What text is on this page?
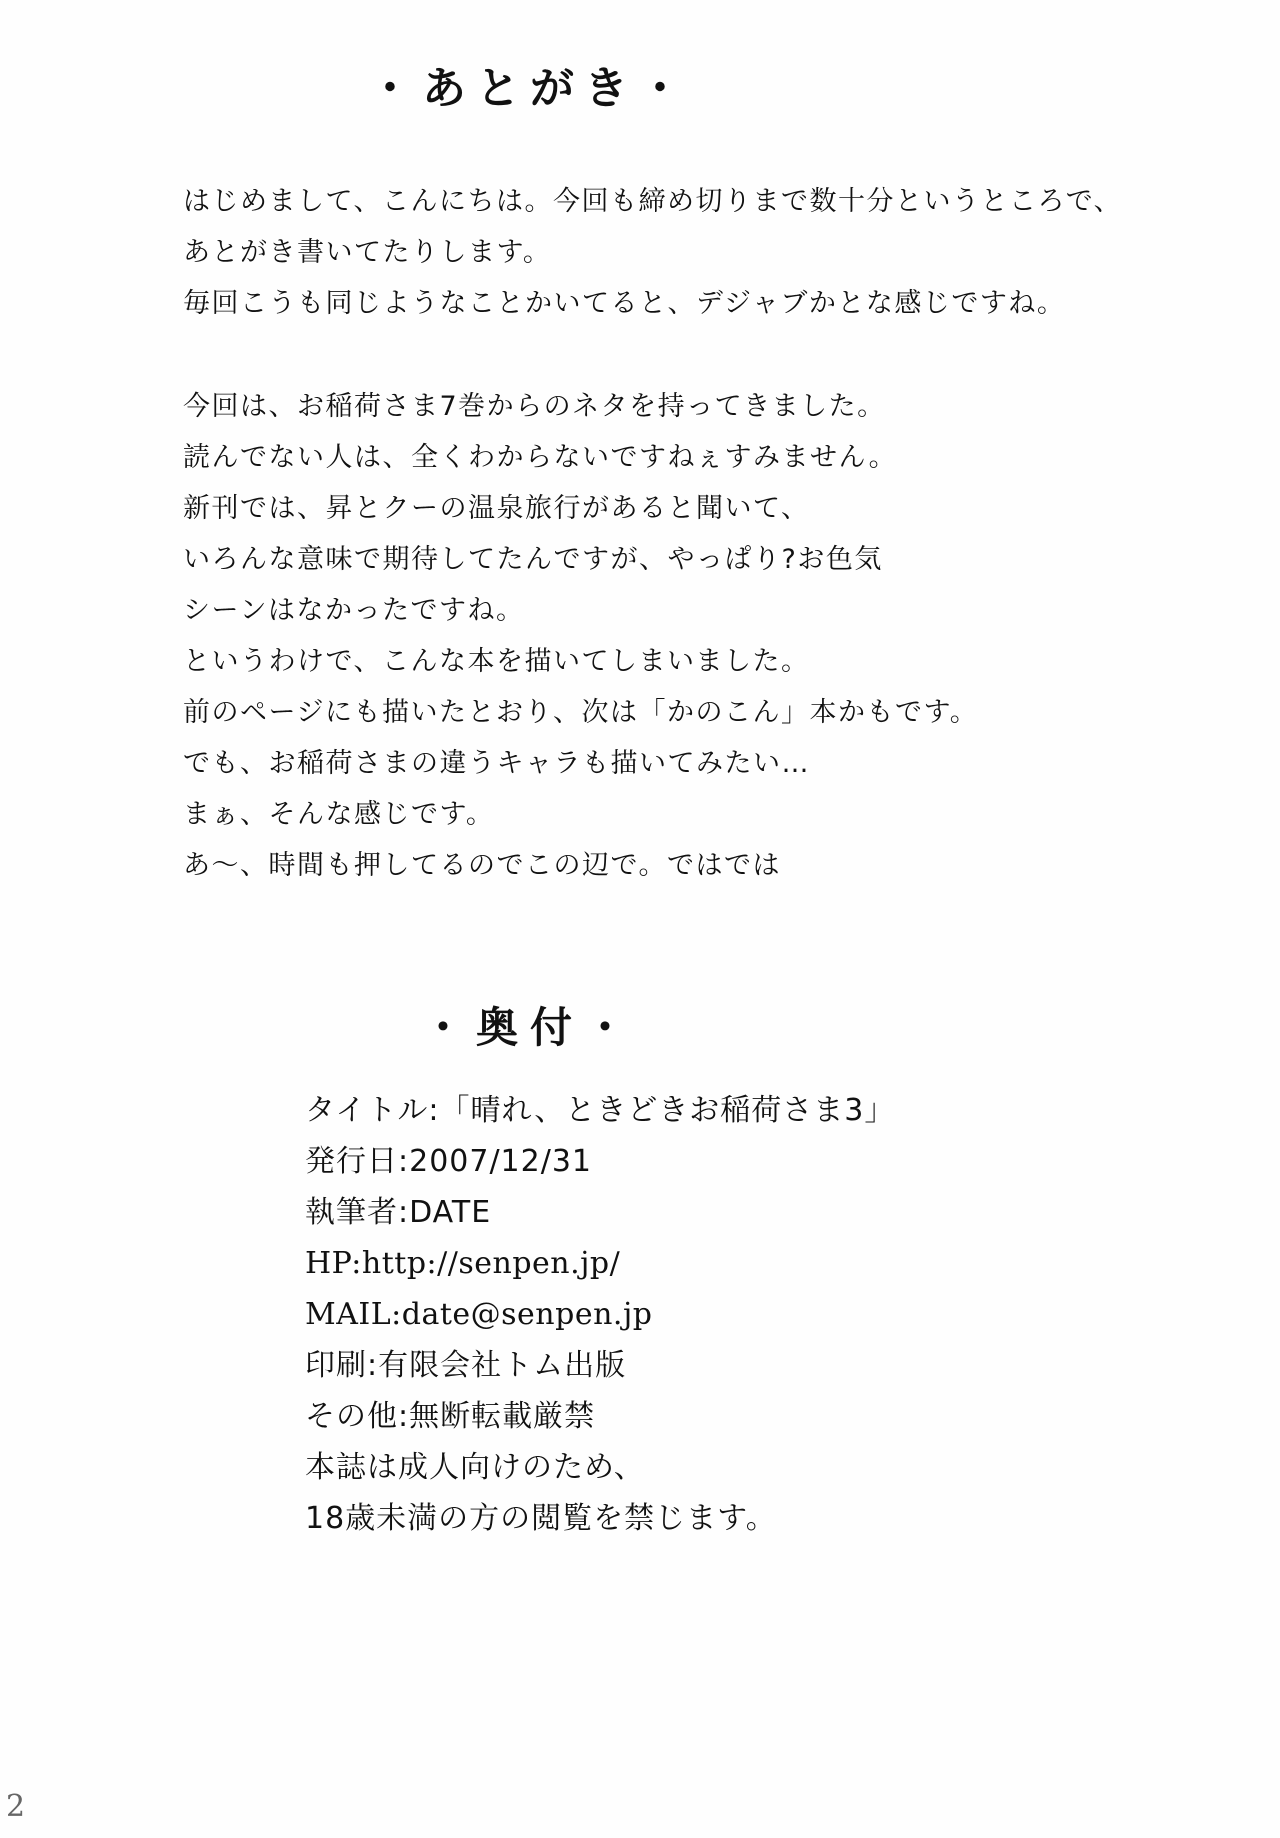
・あとがき・

はじめまして、こんにちは。今回も締め切りまで数十分というところで、

あとがき書いてたりします。

毎回こうも同じようなことかいてると、デジャブかとな感じですね。

今回は、お稲荷さま7巻からのネタを持ってきました。

読んでない人は、全くわからないですねぇすみません。

新刊では、昇とクーの温泉旅行があると聞いて、

いろんな意味で期待してたんですが、やっぱり?お色気

シーンはなかったですね。

というわけで、こんな本を描いてしまいました。

前のページにも描いたとおり、次は「かのこん」本かもです。

でも、お稲荷さまの違うキャラも描いてみたい…

まぁ、そんな感じです。

あ〜、時間も押してるのでこの辺で。ではでは

・奥付・

タイトル:「晴れ、ときどきお稲荷さま3」

発行日:2007/12/31

執筆者:DATE

HP:http://senpen.jp/

MAIL:date@senpen.jp

印刷:有限会社トム出版

その他:無断転載厳禁

本誌は成人向けのため、

18歳未満の方の閲覧を禁じます。

2
